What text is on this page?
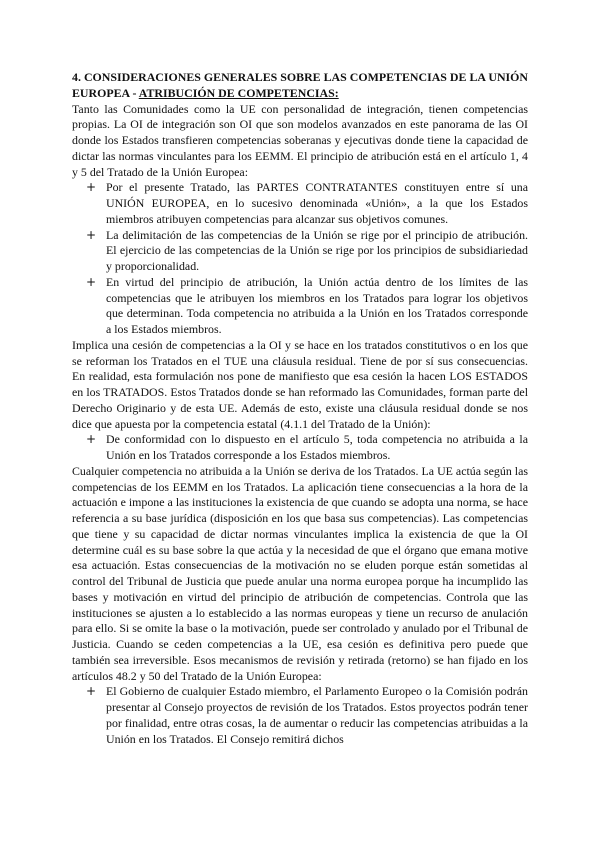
4. CONSIDERACIONES GENERALES SOBRE LAS COMPETENCIAS DE LA UNIÓN EUROPEA - ATRIBUCIÓN DE COMPETENCIAS:

Tanto las Comunidades como la UE con personalidad de integración, tienen competencias propias. La OI de integración son OI que son modelos avanzados en este panorama de las OI donde los Estados transfieren competencias soberanas y ejecutivas donde tiene la capacidad de dictar las normas vinculantes para los EEMM. El principio de atribución está en el artículo 1, 4 y 5 del Tratado de la Unión Europea:

+ Por el presente Tratado, las PARTES CONTRATANTES constituyen entre sí una UNIÓN EUROPEA, en lo sucesivo denominada «Unión», a la que los Estados miembros atribuyen competencias para alcanzar sus objetivos comunes.
+ La delimitación de las competencias de la Unión se rige por el principio de atribución. El ejercicio de las competencias de la Unión se rige por los principios de subsidiariedad y proporcionalidad.
+ En virtud del principio de atribución, la Unión actúa dentro de los límites de las competencias que le atribuyen los miembros en los Tratados para lograr los objetivos que determinan. Toda competencia no atribuida a la Unión en los Tratados corresponde a los Estados miembros.

Implica una cesión de competencias a la OI y se hace en los tratados constitutivos o en los que se reforman los Tratados en el TUE una cláusula residual. Tiene de por sí sus consecuencias. En realidad, esta formulación nos pone de manifiesto que esa cesión la hacen LOS ESTADOS en los TRATADOS. Estos Tratados donde se han reformado las Comunidades, forman parte del Derecho Originario y de esta UE. Además de esto, existe una cláusula residual donde se nos dice que apuesta por la competencia estatal (4.1.1 del Tratado de la Unión):

+ De conformidad con lo dispuesto en el artículo 5, toda competencia no atribuida a la Unión en los Tratados corresponde a los Estados miembros.

Cualquier competencia no atribuida a la Unión se deriva de los Tratados. La UE actúa según las competencias de los EEMM en los Tratados. La aplicación tiene consecuencias a la hora de la actuación e impone a las instituciones la existencia de que cuando se adopta una norma, se hace referencia a su base jurídica (disposición en los que basa sus competencias). Las competencias que tiene y su capacidad de dictar normas vinculantes implica la existencia de que la OI determine cuál es su base sobre la que actúa y la necesidad de que el órgano que emana motive esa actuación. Estas consecuencias de la motivación no se eluden porque están sometidas al control del Tribunal de Justicia que puede anular una norma europea porque ha incumplido las bases y motivación en virtud del principio de atribución de competencias. Controla que las instituciones se ajusten a lo establecido a las normas europeas y tiene un recurso de anulación para ello. Si se omite la base o la motivación, puede ser controlado y anulado por el Tribunal de Justicia. Cuando se ceden competencias a la UE, esa cesión es definitiva pero puede que también sea irreversible. Esos mecanismos de revisión y retirada (retorno) se han fijado en los artículos 48.2 y 50 del Tratado de la Unión Europea:

+ El Gobierno de cualquier Estado miembro, el Parlamento Europeo o la Comisión podrán presentar al Consejo proyectos de revisión de los Tratados. Estos proyectos podrán tener por finalidad, entre otras cosas, la de aumentar o reducir las competencias atribuidas a la Unión en los Tratados. El Consejo remitirá dichos
